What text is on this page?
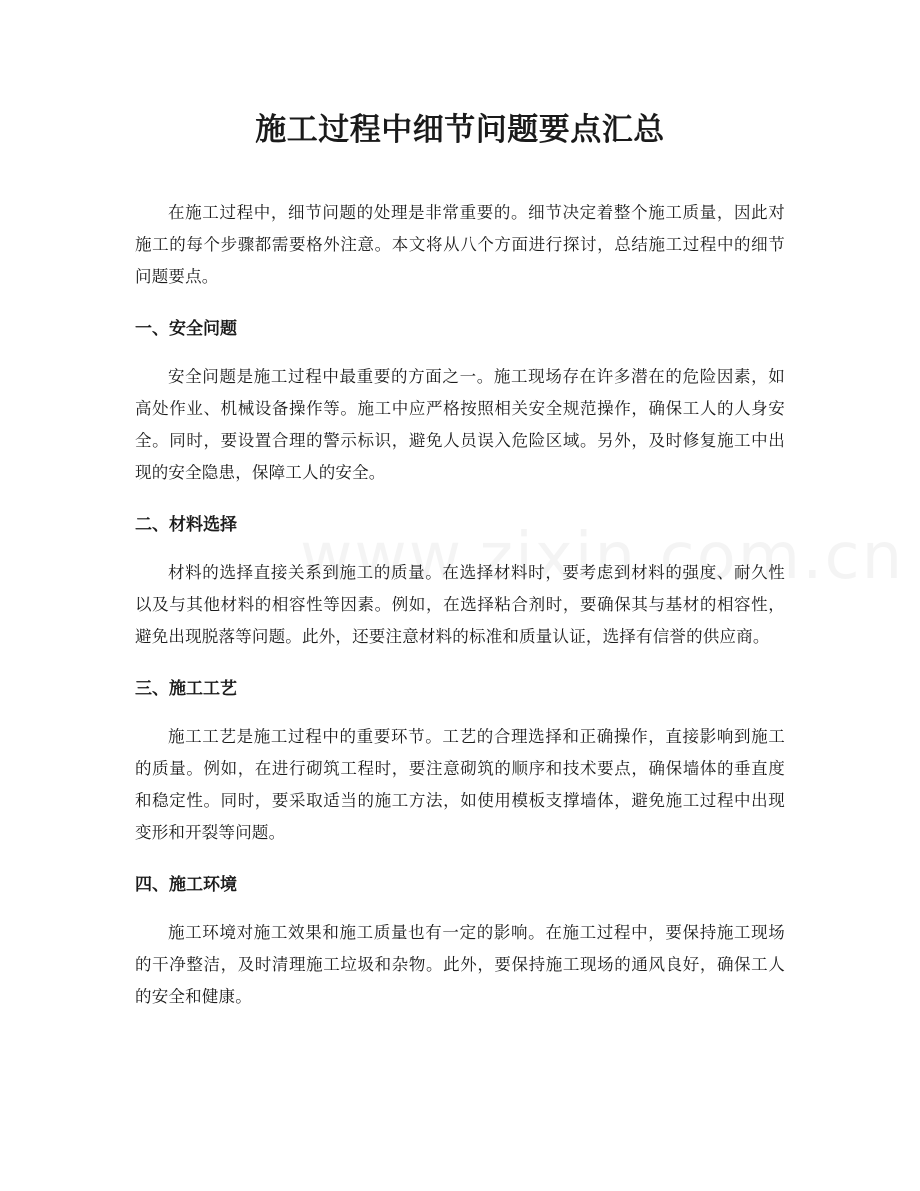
施工过程中细节问题要点汇总

在施工过程中，细节问题的处理是非常重要的。细节决定着整个施工质量，因此对施工的每个步骤都需要格外注意。本文将从八个方面进行探讨，总结施工过程中的细节问题要点。

一、安全问题

安全问题是施工过程中最重要的方面之一。施工现场存在许多潜在的危险因素，如高处作业、机械设备操作等。施工中应严格按照相关安全规范操作，确保工人的人身安全。同时，要设置合理的警示标识，避免人员误入危险区域。另外，及时修复施工中出现的安全隐患，保障工人的安全。

二、材料选择

材料的选择直接关系到施工的质量。在选择材料时，要考虑到材料的强度、耐久性以及与其他材料的相容性等因素。例如，在选择粘合剂时，要确保其与基材的相容性，避免出现脱落等问题。此外，还要注意材料的标准和质量认证，选择有信誉的供应商。

三、施工工艺

施工工艺是施工过程中的重要环节。工艺的合理选择和正确操作，直接影响到施工的质量。例如，在进行砌筑工程时，要注意砌筑的顺序和技术要点，确保墙体的垂直度和稳定性。同时，要采取适当的施工方法，如使用模板支撑墙体，避免施工过程中出现变形和开裂等问题。

四、施工环境

施工环境对施工效果和施工质量也有一定的影响。在施工过程中，要保持施工现场的干净整洁，及时清理施工垃圾和杂物。此外，要保持施工现场的通风良好，确保工人的安全和健康。
